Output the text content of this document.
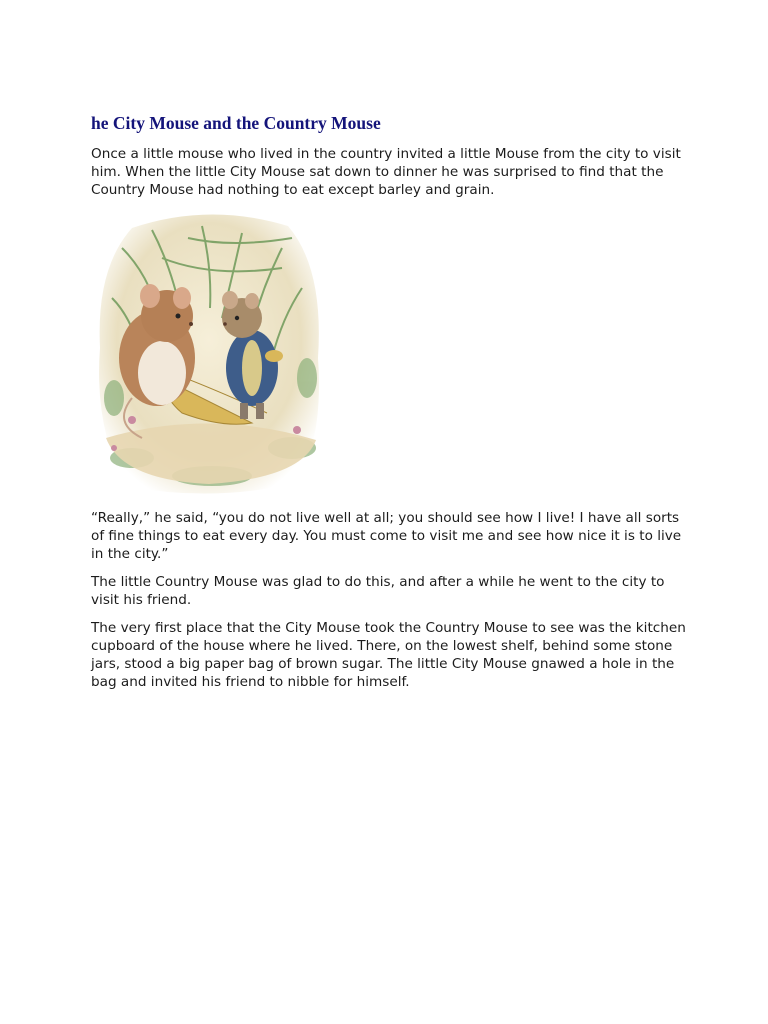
he City Mouse and the Country Mouse

Once a little mouse who lived in the country invited a little Mouse from the city to visit him. When the little City Mouse sat down to dinner he was surprised to find that the Country Mouse had nothing to eat except barley and grain.

“Really,” he said, “you do not live well at all; you should see how I live! I have all sorts of fine things to eat every day. You must come to visit me and see how nice it is to live in the city.”

The little Country Mouse was glad to do this, and after a while he went to the city to visit his friend.

The very first place that the City Mouse took the Country Mouse to see was the kitchen cupboard of the house where he lived. There, on the lowest shelf, behind some stone jars, stood a big paper bag of brown sugar. The little City Mouse gnawed a hole in the bag and invited his friend to nibble for himself.
